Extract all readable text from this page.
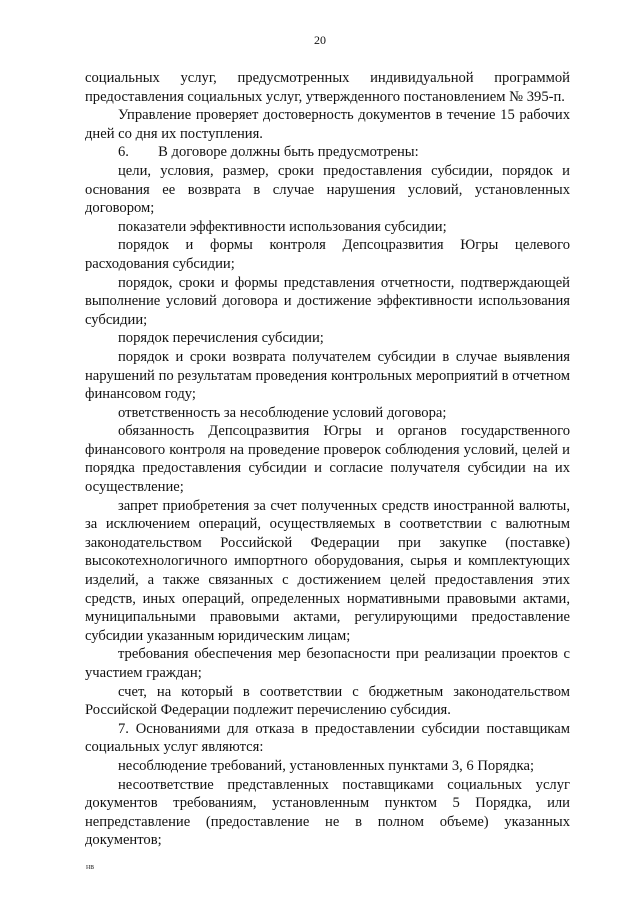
20

социальных услуг, предусмотренных индивидуальной программой предоставления социальных услуг, утвержденного постановлением № 395-п.

Управление проверяет достоверность документов в течение 15 рабочих дней со дня их поступления.

6.  В договоре должны быть предусмотрены:

цели, условия, размер, сроки предоставления субсидии, порядок и основания ее возврата в случае нарушения условий, установленных договором;

показатели эффективности использования субсидии;

порядок и формы контроля Депсоцразвития Югры целевого расходования субсидии;

порядок, сроки и формы представления отчетности, подтверждающей выполнение условий договора и достижение эффективности использования субсидии;

порядок перечисления субсидии;

порядок и сроки возврата получателем субсидии в случае выявления нарушений по результатам проведения контрольных мероприятий в отчетном финансовом году;

ответственность за несоблюдение условий договора;

обязанность Депсоцразвития Югры и органов государственного финансового контроля на проведение проверок соблюдения условий, целей и порядка предоставления субсидии и согласие получателя субсидии на их осуществление;

запрет приобретения за счет полученных средств иностранной валюты, за исключением операций, осуществляемых в соответствии с валютным законодательством Российской Федерации при закупке (поставке) высокотехнологичного импортного оборудования, сырья и комплектующих изделий, а также связанных с достижением целей предоставления этих средств, иных операций, определенных нормативными правовыми актами, муниципальными правовыми актами, регулирующими предоставление субсидии указанным юридическим лицам;

требования обеспечения мер безопасности при реализации проектов с участием граждан;

счет, на который в соответствии с бюджетным законодательством Российской Федерации подлежит перечислению субсидия.

7. Основаниями для отказа в предоставлении субсидии поставщикам социальных услуг являются:

несоблюдение требований, установленных пунктами 3, 6 Порядка;

несоответствие представленных поставщиками социальных услуг документов требованиям, установленным пунктом 5 Порядка, или непредставление (предоставление не в полном объеме) указанных документов;

нв
